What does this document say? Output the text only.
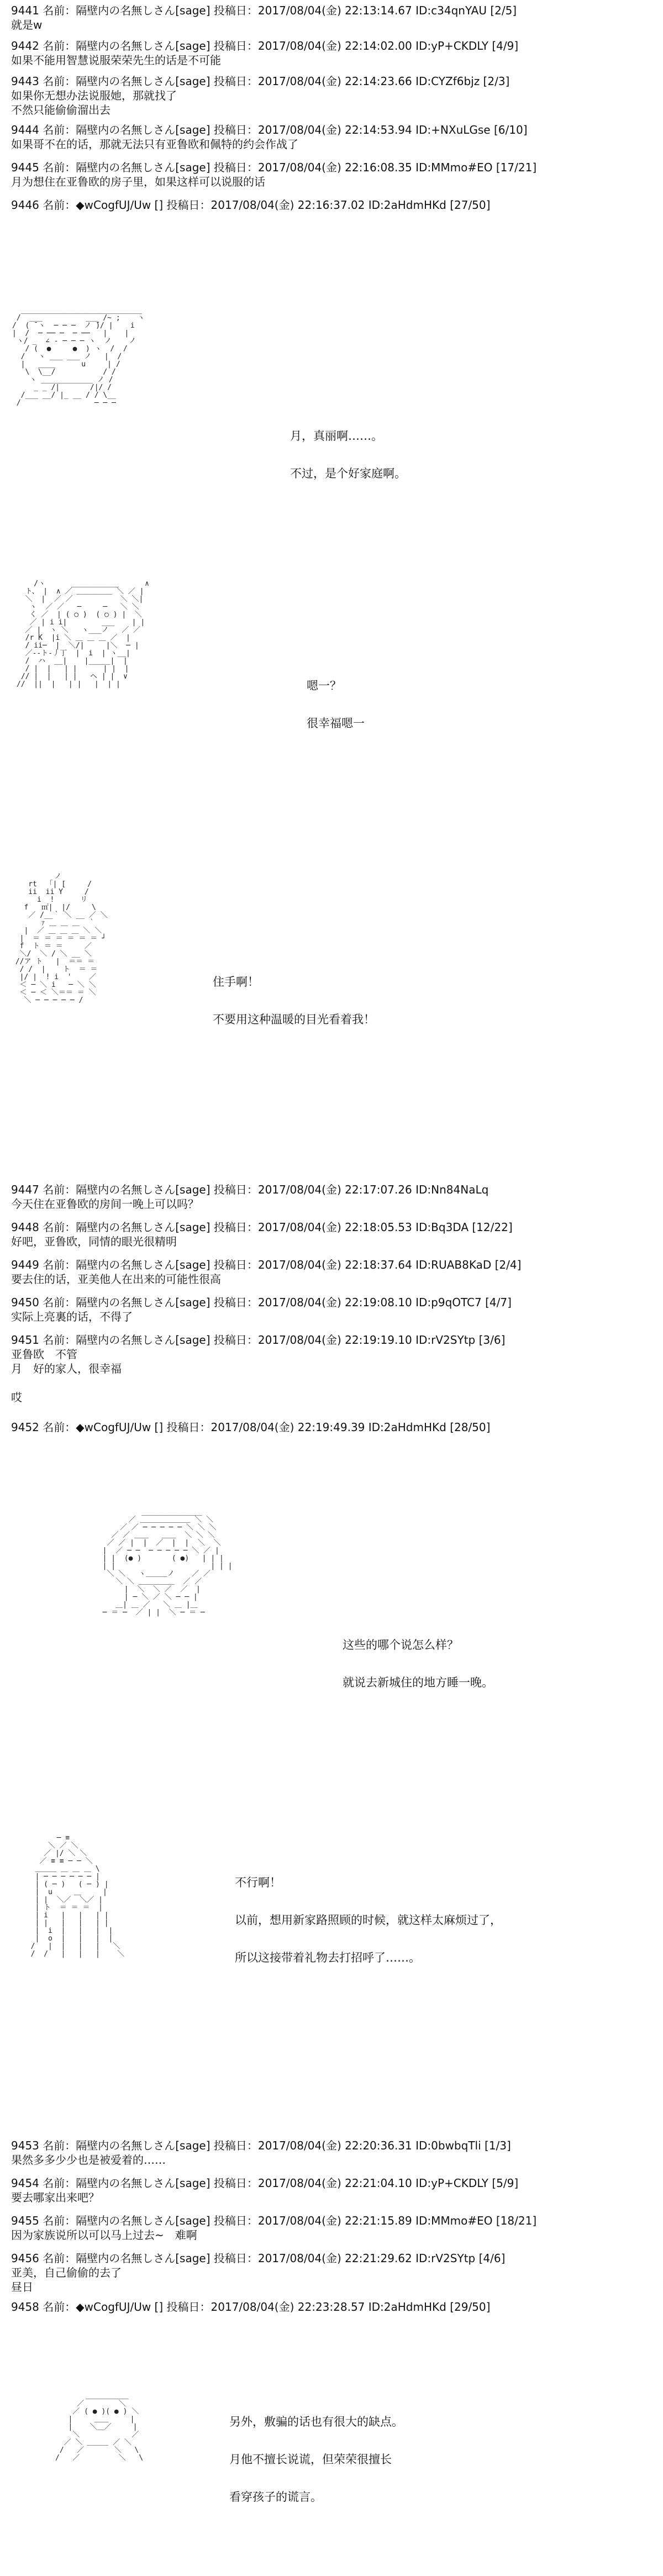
9441 名前：隔壁内の名無しさん[sage] 投稿日：2017/08/04(金) 22:13:14.67 ID:c34qnYAU [2/5]
就是w
9442 名前：隔壁内の名無しさん[sage] 投稿日：2017/08/04(金) 22:14:02.00 ID:yP+CKDLY [4/9]
如果不能用智慧说服荣荣先生的话是不可能
9443 名前：隔壁内の名無しさん[sage] 投稿日：2017/08/04(金) 22:14:23.66 ID:CYZf6bjz [2/3]
如果你无想办法说服她，那就找了
不然只能偷偷溜出去
9444 名前：隔壁内の名無しさん[sage] 投稿日：2017/08/04(金) 22:14:53.94 ID:+NXuLGse [6/10]
如果哥不在的话，那就无法只有亚鲁欧和佩特的约会作战了
9445 名前：隔壁内の名無しさん[sage] 投稿日：2017/08/04(金) 22:16:08.35 ID:MMmo#EO [17/21]
月为想住在亚鲁欧的房子里，如果这样可以说服的话
9446 名前：◆wCogfUJ/Uw [] 投稿日：2017/08/04(金) 22:16:37.02 ID:2aHdmHKd [27/50]
____________________________
/  ___          ___ /~ ;    ヽ
/  ( ̄ ヽ  ─ ─ ─  ノ ̄)/ |    i
|  /  ─ ── ─  ─ ──   |    |
ヽ/ _  ∠ - ─ ─ ─ ヽ  ノ    ノ
/ (  ●     ●  ) ヽ  /  /
/   ヽ ___ ___ ノ   |  /
|   ____      u     | /
\  \__/           / /
ヽ ____________ ノ /
_ _ /|       /|/ /
/___ __/ |_ __ / / \__
/                 ─ ─ ─
月，真丽啊……。

不过，是个好家庭啊。
/ヽ      ___________      ∧
ト、 |  ∧ ／ ＿＿＿＿＿ ＼ ／ |
＼  |  ／ ／           ＼ ＼|
ヽ  ／ ／   ─     ─   ＼ ＼
く ／  | ( ○ )  ( ○ ) |  ＼
／ | i i|        ___    | |
／ |  ヽ ＼   ヽ___ノ   ／ ／
/r K  |i ＼ ＿ ＿ ＿ ／  |
/ ii─  |  ＼/|     |＼  ─ |
／--ト-丿丁  |  i  | ヽ__|
/  ハ  __|    |_____|  |
/ |  |   | |      | |  |
// |  |   | |   ヘ | |  ∨
//  ||  |   | |   |  | |	嗯一？

很幸福嗯一
ノ
rt  「| [     /
ii  ii Y     /
i  !      リ
f   ㎡|  |/     \
／ /__｀ ＼ __ ／ ＼
ｧ ＿ ＿ ＿  ｀
|  ／ ＿ ＿ ＿ ＼ ＼
|  ＝ ＝ ＝ ＝ ＝ ＝ ┘
f  ト ＝ ＝     ／
＼/  ＼ / ＼ __ ＼
//ア ト   |  ＝＝ ＝
/ /  |    ト  ＝ ＝
|/ |  ! i  '    ／
＜ ─ ＼ i   ─ ＼ ＼
＜ ─ ＜ ＼＝＝ ＝ ＼
＼ ─ ─ ─ ─ ─ /
住手啊！

不要用这种温暖的目光看着我！
9447 名前：隔壁内の名無しさん[sage] 投稿日：2017/08/04(金) 22:17:07.26 ID:Nn84NaLq
今天住在亚鲁欧的房间一晚上可以吗？
9448 名前：隔壁内の名無しさん[sage] 投稿日：2017/08/04(金) 22:18:05.53 ID:Bq3DA [12/22]
好吧，亚鲁欧，同情的眼光很精明
9449 名前：隔壁内の名無しさん[sage] 投稿日：2017/08/04(金) 22:18:37.64 ID:RUAB8KaD [2/4]
要去住的话，亚美他人在出来的可能性很高
9450 名前：隔壁内の名無しさん[sage] 投稿日：2017/08/04(金) 22:19:08.10 ID:p9qOTC7 [4/7]
实际上亮裏的话，不得了
9451 名前：隔壁内の名無しさん[sage] 投稿日：2017/08/04(金) 22:19:19.10 ID:rV2SYtp [3/6]
亚鲁欧　不管
月　好的家人，很幸福

哎
9452 名前：◆wCogfUJ/Uw [] 投稿日：2017/08/04(金) 22:19:49.39 ID:2aHdmHKd [28/50]
______________
／ ＿＿＿＿＿＿＿ ＼ ＼
／ ／ ─ ─ ─ ─ ─ ＼ ＼ ＼
／ ／ ＿＿   ＿＿  ＼ ＼ ＼
／ ／ |  |  ／  |  |  ＼  ＼
|  ／ ─ ─  ─ ─ ─ ─ ─ ＼ ／ |
| |  (● )       ( ●)   | | |
| |                      | | |
＼ ＼   ヽ＿＿＿ノ    ／ ／
＼ ＼ ＿＿＿＿＿  ／ ／
|  ＼  ＼ ／  ／  |
| ─ ＼ ／ ＼ ─ ─ |
＿| ＿ ／   ＼ ＿ |＿
─ ＝ ─  ／ | |  ＼ ─ ＝ ─
这些的哪个说怎么样？

就说去新城住的地方睡一晚。
─ ≡
＼ ／ ＼
／ |/ ＼ ＼
／ ≡ ≡ ─ ─ ＼
＿＿＿ ＿ ＿ ＿ \
| ─ ─ ─ ─ ─ ─ |
| ( ─ )   ( ─ ) |
|  u     ＿     |
| |  ＼／  ＼／ |
| ト  ＝ ＝ ＝  |
| i   |   |   | |
| |   |   |   | |
|  i  |   |   |  |
|  o  |   |   |  |
/   |  |   |   |   ＼
/  /   |   |   |    ＼
不行啊！

以前，想用新家路照顾的时候，就这样太麻烦过了，

所以这接带着礼物去打招呼了……。
9453 名前：隔壁内の名無しさん[sage] 投稿日：2017/08/04(金) 22:20:36.31 ID:0bwbqTli [1/3]
果然多多少少也是被爱着的……
9454 名前：隔壁内の名無しさん[sage] 投稿日：2017/08/04(金) 22:21:04.10 ID:yP+CKDLY [5/9]
要去哪家出来吧？
9455 名前：隔壁内の名無しさん[sage] 投稿日：2017/08/04(金) 22:21:15.89 ID:MMmo#EO [18/21]
因为家族说所以可以马上过去~　难啊
9456 名前：隔壁内の名無しさん[sage] 投稿日：2017/08/04(金) 22:21:29.62 ID:rV2SYtp [4/6]
亚美，自己偷偷的去了
昼日
9458 名前：◆wCogfUJ/Uw [] 投稿日：2017/08/04(金) 22:23:28.57 ID:2aHdmHKd [29/50]
＿＿＿＿＿＿
／        ＼
／ ( ● )( ● ) ＼
|     ＿＿     |
|    ＼＿／     |
＼            ／
／ ＼ ＿＿＿ ／ ＼
/   ／       ＼   \
/   ／         ＼   \
另外，敷骗的话也有很大的缺点。

月他不擅长说谎，但荣荣很擅长

看穿孩子的谎言。
